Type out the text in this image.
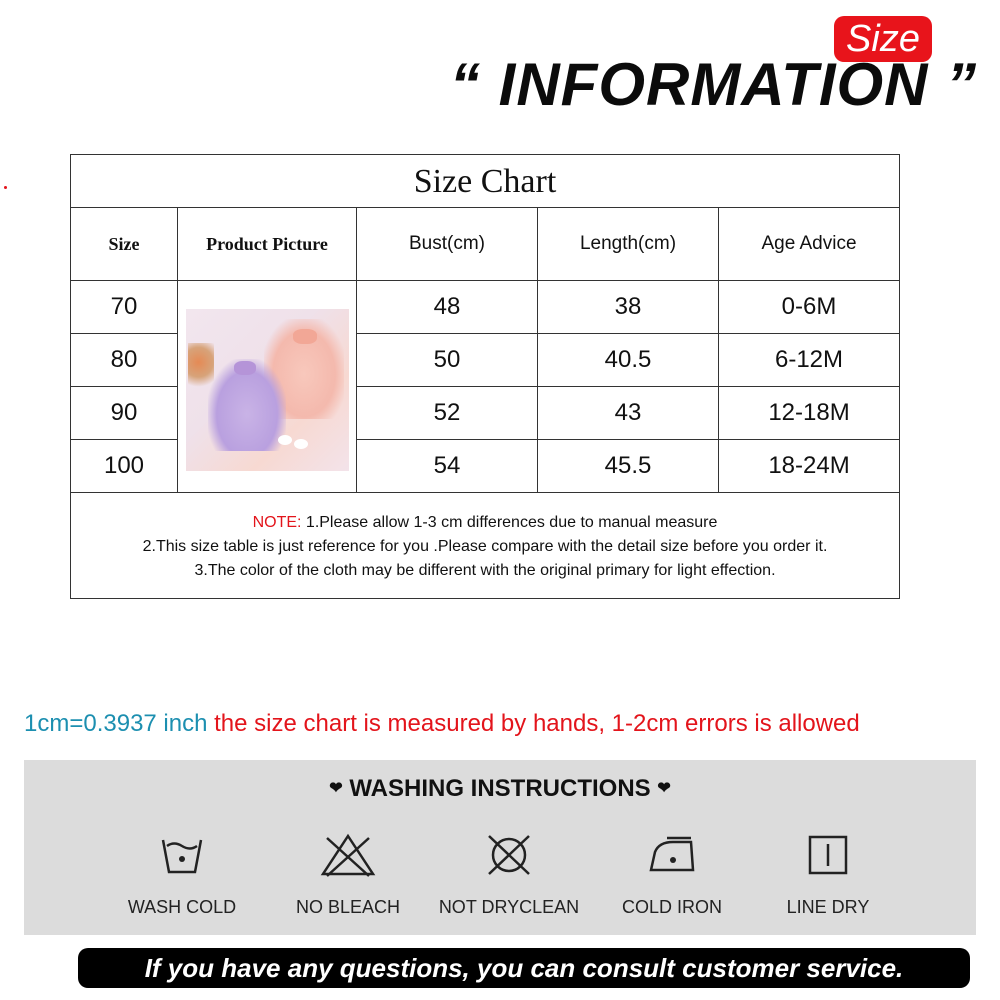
Size
“ INFORMATION ”
Size Chart
Size	Product Picture	Bust(cm)	Length(cm)	Age Advice
70	48	38	0-6M
80	50	40.5	6-12M
90	52	43	12-18M
100	54	45.5	18-24M
NOTE: 1.Please allow 1-3 cm differences due to manual measure
2.This size table is just reference for you .Please compare with the detail size before you order it.
3.The color of the cloth may be different with the original primary for light effection.
1cm=0.3937 inch the size chart is measured by hands, 1-2cm errors is allowed
❤ WASHING INSTRUCTIONS ❤
WASH COLD	NO BLEACH	NOT DRYCLEAN	COLD IRON	LINE DRY
If you have any questions, you can consult customer service.
